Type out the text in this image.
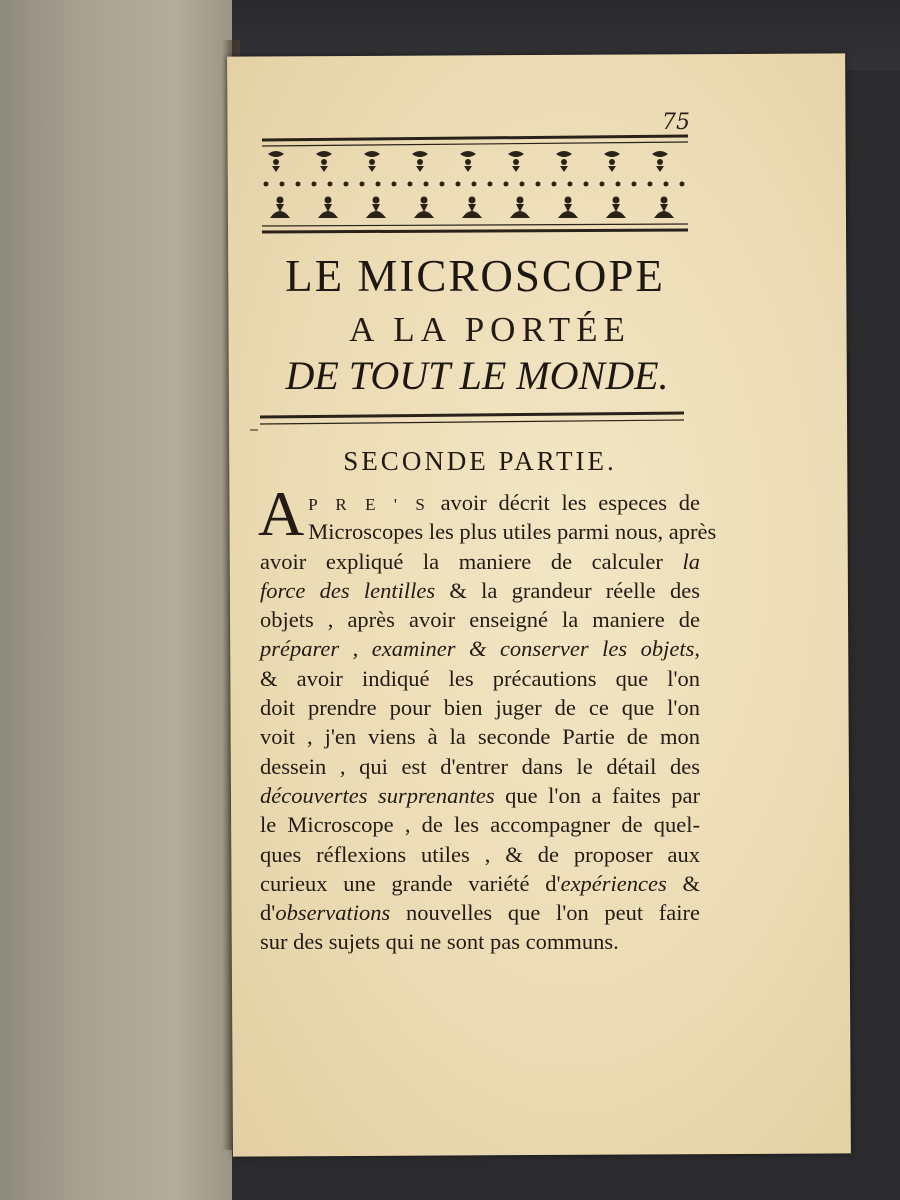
75
LE MICROSCOPE
A LA PORTÉE
DE TOUT LE MONDE.
SECONDE PARTIE.
A P R E ' S avoir décrit les especes de
Microscopes les plus utiles parmi nous, après
avoir expliqué la maniere de calculer la
force des lentilles & la grandeur réelle des
objets , après avoir enseigné la maniere de
préparer , examiner & conserver les objets,
& avoir indiqué les précautions que l'on
doit prendre pour bien juger de ce que l'on
voit , j'en viens à la seconde Partie de mon
dessein , qui est d'entrer dans le détail des
découvertes surprenantes que l'on a faites par
le Microscope , de les accompagner de quel-
ques réflexions utiles , & de proposer aux
curieux une grande variété d'expériences &
d'observations nouvelles que l'on peut faire
sur des sujets qui ne sont pas communs.
